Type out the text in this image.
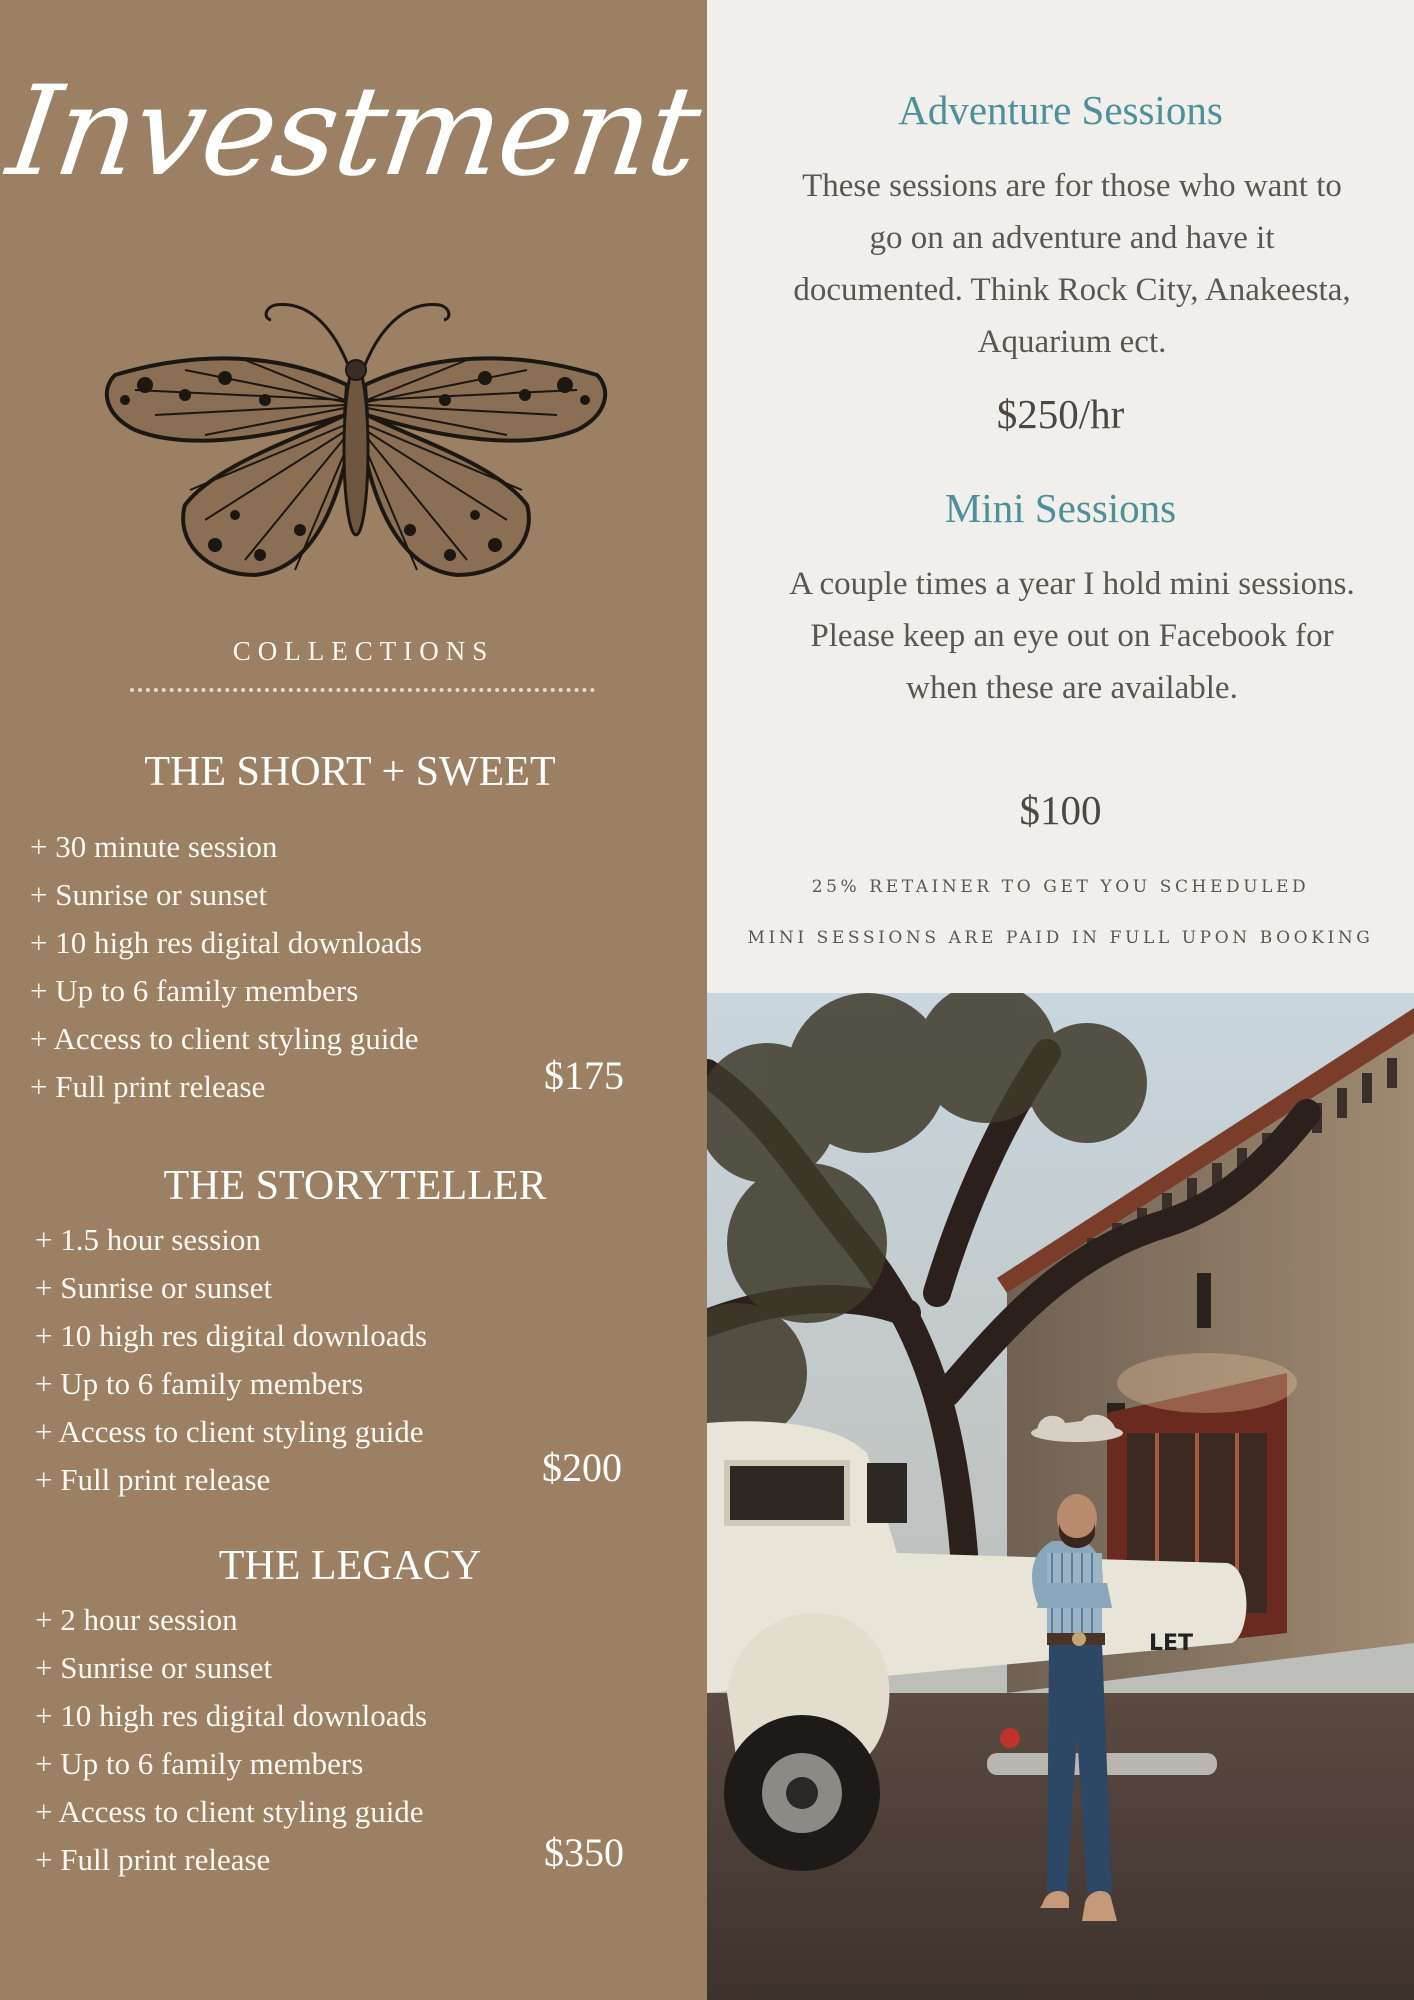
Investment
COLLECTIONS
THE SHORT + SWEET
+ 30 minute session
+ Sunrise or sunset
+ 10 high res digital downloads
+ Up to 6 family members
+ Access to client styling guide
+ Full print release	$175
THE STORYTELLER
+ 1.5 hour session
+ Sunrise or sunset
+ 10 high res digital downloads
+ Up to 6 family members
+ Access to client styling guide
+ Full print release	$200
THE LEGACY
+ 2 hour session
+ Sunrise or sunset
+ 10 high res digital downloads
+ Up to 6 family members
+ Access to client styling guide
+ Full print release	$350
Adventure Sessions
These sessions are for those who want to go on an adventure and have it documented. Think Rock City, Anakeesta, Aquarium ect.
$250/hr
Mini Sessions
A couple times a year I hold mini sessions. Please keep an eye out on Facebook for when these are available.
$100
25% RETAINER TO GET YOU SCHEDULED
MINI SESSIONS ARE PAID IN FULL UPON BOOKING
LET
